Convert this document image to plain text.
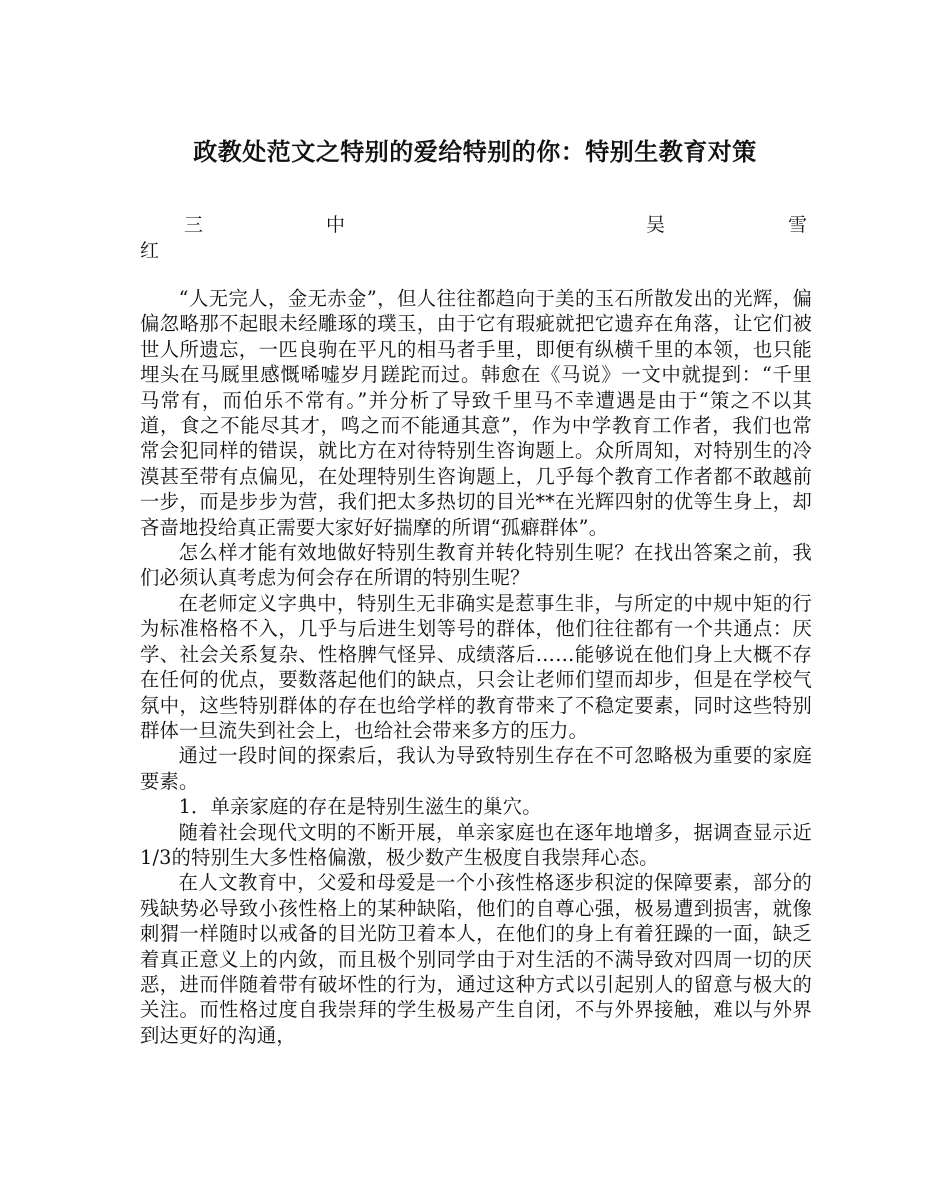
政教处范文之特别的爱给特别的你：特别生教育对策
三	中	吴	雪
红

“人无完人，金无赤金”，但人往往都趋向于美的玉石所散发出的光辉，偏偏忽略那不起眼未经雕琢的璞玉，由于它有瑕疵就把它遗弃在角落，让它们被世人所遗忘，一匹良驹在平凡的相马者手里，即便有纵横千里的本领，也只能埋头在马厩里感慨唏嘘岁月蹉跎而过。韩愈在《马说》一文中就提到：“千里马常有，而伯乐不常有。”并分析了导致千里马不幸遭遇是由于“策之不以其道，食之不能尽其才，鸣之而不能通其意”，作为中学教育工作者，我们也常常会犯同样的错误，就比方在对待特别生咨询题上。众所周知，对特别生的冷漠甚至带有点偏见，在处理特别生咨询题上，几乎每个教育工作者都不敢越前一步，而是步步为营，我们把太多热切的目光**在光辉四射的优等生身上，却吝啬地投给真正需要大家好好揣摩的所谓“孤癖群体”。

怎么样才能有效地做好特别生教育并转化特别生呢？在找出答案之前，我们必须认真考虑为何会存在所谓的特别生呢？

在老师定义字典中，特别生无非确实是惹事生非，与所定的中规中矩的行为标准格格不入，几乎与后进生划等号的群体，他们往往都有一个共通点：厌学、社会关系复杂、性格脾气怪异、成绩落后……能够说在他们身上大概不存在任何的优点，要数落起他们的缺点，只会让老师们望而却步，但是在学校气氛中，这些特别群体的存在也给学样的教育带来了不稳定要素，同时这些特别群体一旦流失到社会上，也给社会带来多方的压力。

通过一段时间的探索后，我认为导致特别生存在不可忽略极为重要的家庭要素。

1．单亲家庭的存在是特别生滋生的巢穴。

随着社会现代文明的不断开展，单亲家庭也在逐年地增多，据调查显示近1/3的特别生大多性格偏激，极少数产生极度自我崇拜心态。

在人文教育中，父爱和母爱是一个小孩性格逐步积淀的保障要素，部分的残缺势必导致小孩性格上的某种缺陷，他们的自尊心强，极易遭到损害，就像刺猬一样随时以戒备的目光防卫着本人，在他们的身上有着狂躁的一面，缺乏着真正意义上的内敛，而且极个别同学由于对生活的不满导致对四周一切的厌恶，进而伴随着带有破坏性的行为，通过这种方式以引起别人的留意与极大的关注。而性格过度自我崇拜的学生极易产生自闭，不与外界接触，难以与外界到达更好的沟通，
